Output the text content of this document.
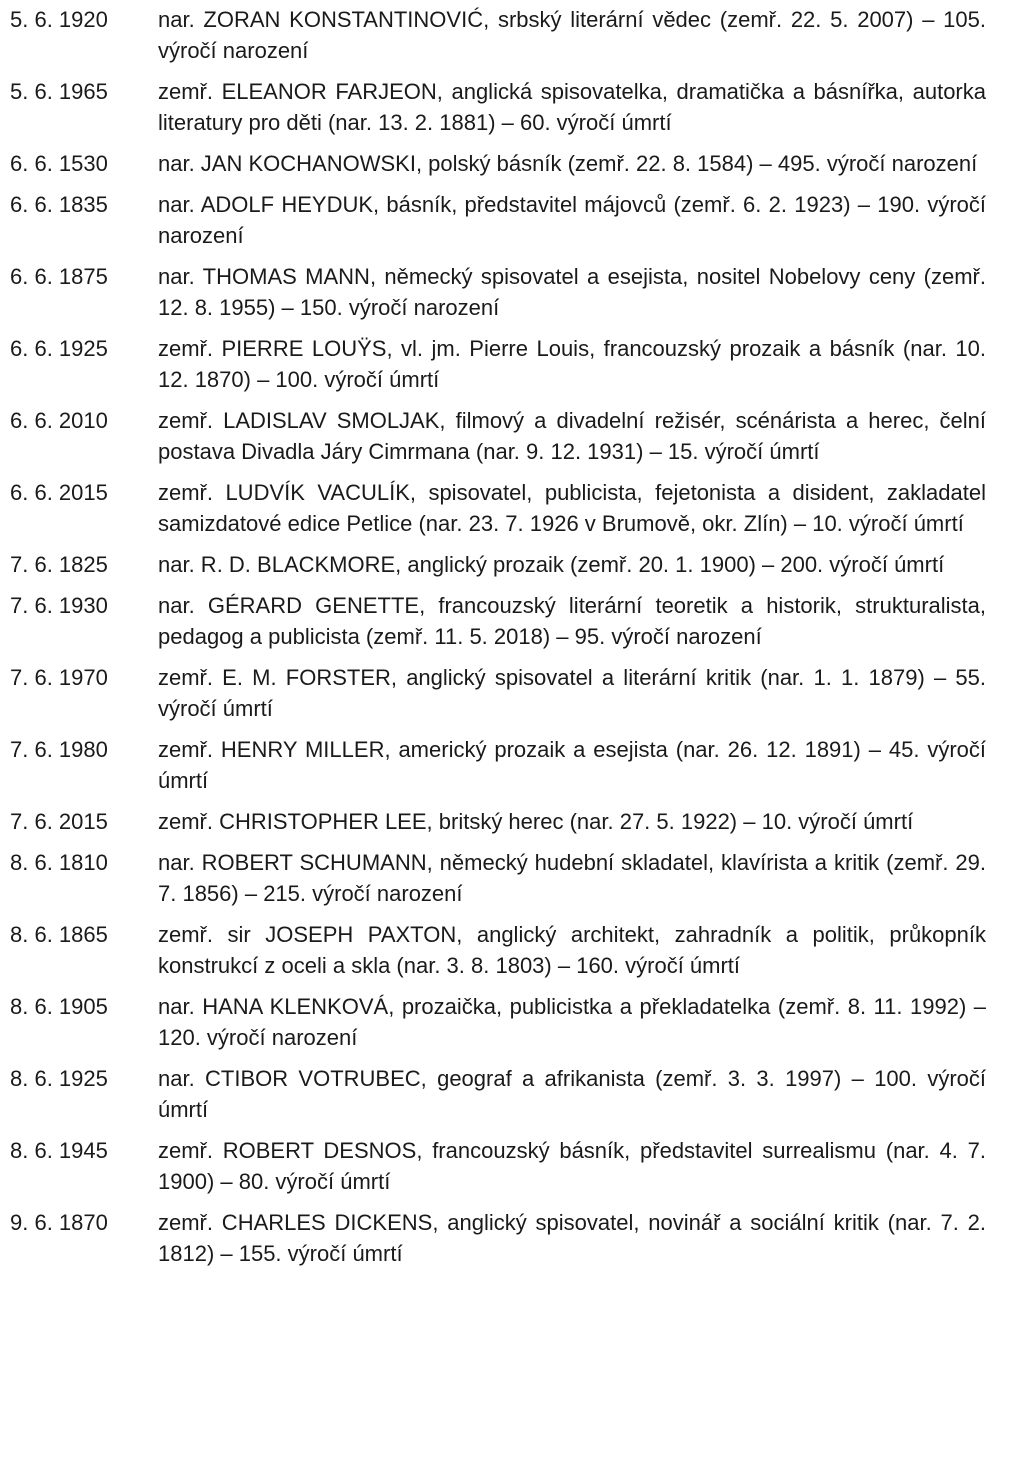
5. 6. 1920	nar. ZORAN KONSTANTINOVIĆ, srbský literární vědec (zemř. 22. 5. 2007) – 105. výročí narození
5. 6. 1965	zemř. ELEANOR FARJEON, anglická spisovatelka, dramatička a básnířka, autorka literatury pro děti (nar. 13. 2. 1881) – 60. výročí úmrtí
6. 6. 1530	nar. JAN KOCHANOWSKI, polský básník (zemř. 22. 8. 1584) – 495. výročí narození
6. 6. 1835	nar. ADOLF HEYDUK, básník, představitel májovců (zemř. 6. 2. 1923) – 190. výročí narození
6. 6. 1875	nar. THOMAS MANN, německý spisovatel a esejista, nositel Nobelovy ceny (zemř. 12. 8. 1955) – 150. výročí narození
6. 6. 1925	zemř. PIERRE LOUŸS, vl. jm. Pierre Louis, francouzský prozaik a básník (nar. 10. 12. 1870) – 100. výročí úmrtí
6. 6. 2010	zemř. LADISLAV SMOLJAK, filmový a divadelní režisér, scénárista a herec, čelní postava Divadla Járy Cimrmana (nar. 9. 12. 1931) – 15. výročí úmrtí
6. 6. 2015	zemř. LUDVÍK VACULÍK, spisovatel, publicista, fejetonista a disident, zakladatel samizdatové edice Petlice (nar. 23. 7. 1926 v Brumově, okr. Zlín) – 10. výročí úmrtí
7. 6. 1825	nar. R. D. BLACKMORE, anglický prozaik (zemř. 20. 1. 1900) – 200. výročí úmrtí
7. 6. 1930	nar. GÉRARD GENETTE, francouzský literární teoretik a historik, strukturalista, pedagog a publicista (zemř. 11. 5. 2018) – 95. výročí narození
7. 6. 1970	zemř. E. M. FORSTER, anglický spisovatel a literární kritik (nar. 1. 1. 1879) – 55. výročí úmrtí
7. 6. 1980	zemř. HENRY MILLER, americký prozaik a esejista (nar. 26. 12. 1891) – 45. výročí úmrtí
7. 6. 2015	zemř. CHRISTOPHER LEE, britský herec (nar. 27. 5. 1922) – 10. výročí úmrtí
8. 6. 1810	nar. ROBERT SCHUMANN, německý hudební skladatel, klavírista a kritik (zemř. 29. 7. 1856) – 215. výročí narození
8. 6. 1865	zemř. sir JOSEPH PAXTON, anglický architekt, zahradník a politik, průkopník konstrukcí z oceli a skla (nar. 3. 8. 1803) – 160. výročí úmrtí
8. 6. 1905	nar. HANA KLENKOVÁ, prozaička, publicistka a překladatelka (zemř. 8. 11. 1992) – 120. výročí narození
8. 6. 1925	nar. CTIBOR VOTRUBEC, geograf a afrikanista (zemř. 3. 3. 1997) – 100. výročí úmrtí
8. 6. 1945	zemř. ROBERT DESNOS, francouzský básník, představitel surrealismu (nar. 4. 7. 1900) – 80. výročí úmrtí
9. 6. 1870	zemř. CHARLES DICKENS, anglický spisovatel, novinář a sociální kritik (nar. 7. 2. 1812) – 155. výročí úmrtí
